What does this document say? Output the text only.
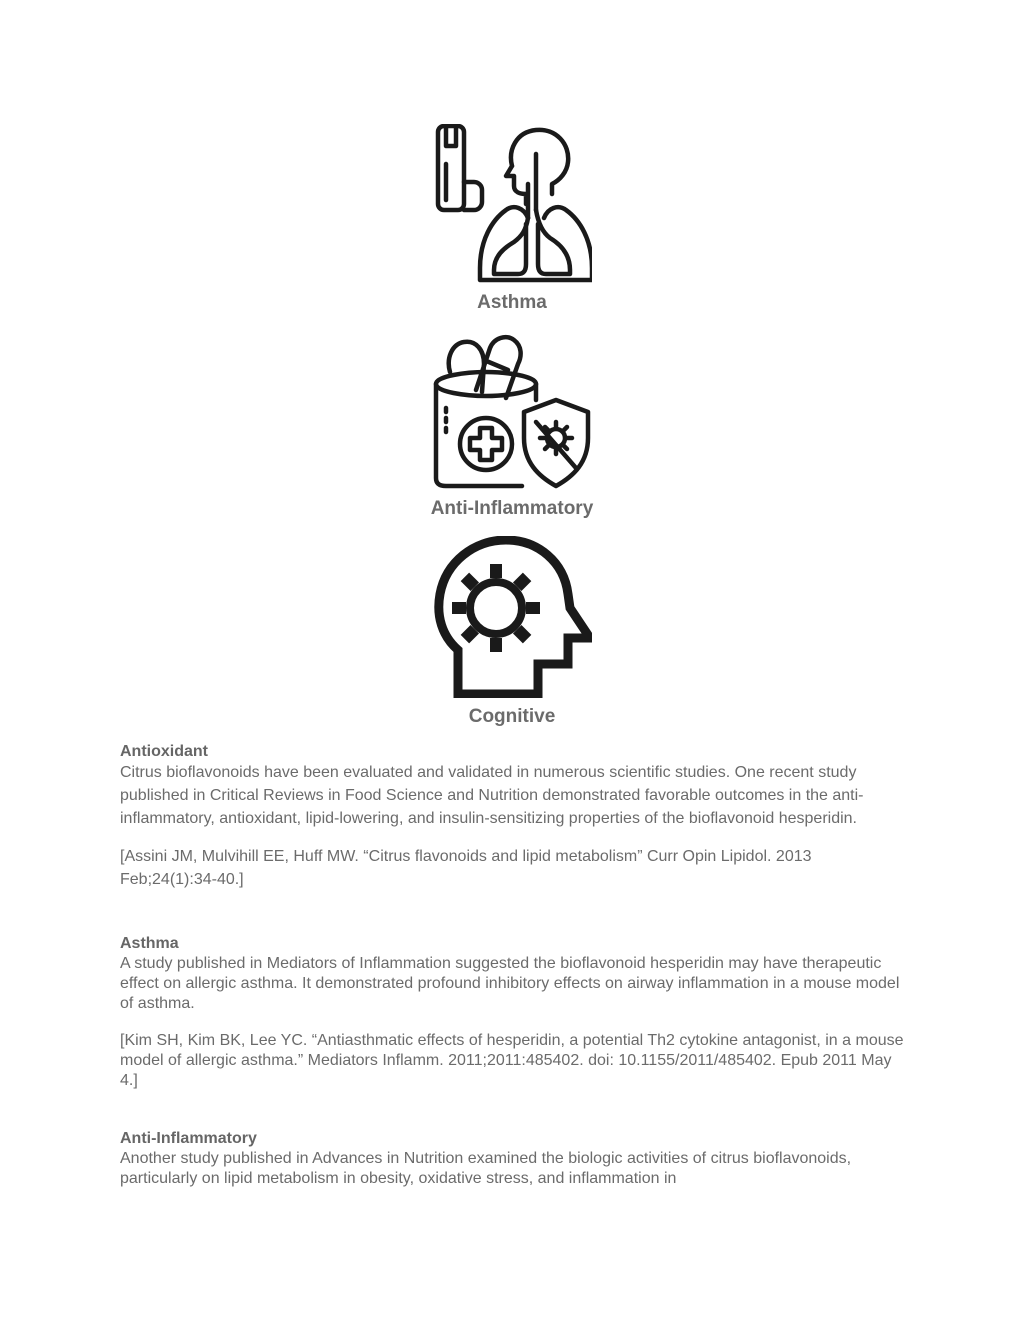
Asthma
Anti-Inflammatory
Cognitive

Antioxidant

Citrus bioflavonoids have been evaluated and validated in numerous scientific studies. One recent study published in Critical Reviews in Food Science and Nutrition demonstrated favorable outcomes in the anti-inflammatory, antioxidant, lipid-lowering, and insulin-sensitizing properties of the bioflavonoid hesperidin.

[Assini JM, Mulvihill EE, Huff MW. “Citrus flavonoids and lipid metabolism” Curr Opin Lipidol. 2013 Feb;24(1):34-40.]

Asthma

A study published in Mediators of Inflammation suggested the bioflavonoid hesperidin may have therapeutic effect on allergic asthma. It demonstrated profound inhibitory effects on airway inflammation in a mouse model of asthma.

[Kim SH, Kim BK, Lee YC. “Antiasthmatic effects of hesperidin, a potential Th2 cytokine antagonist, in a mouse model of allergic asthma.” Mediators Inflamm. 2011;2011:485402. doi: 10.1155/2011/485402. Epub 2011 May 4.]

Anti-Inflammatory

Another study published in Advances in Nutrition examined the biologic activities of citrus bioflavonoids, particularly on lipid metabolism in obesity, oxidative stress, and inflammation in
